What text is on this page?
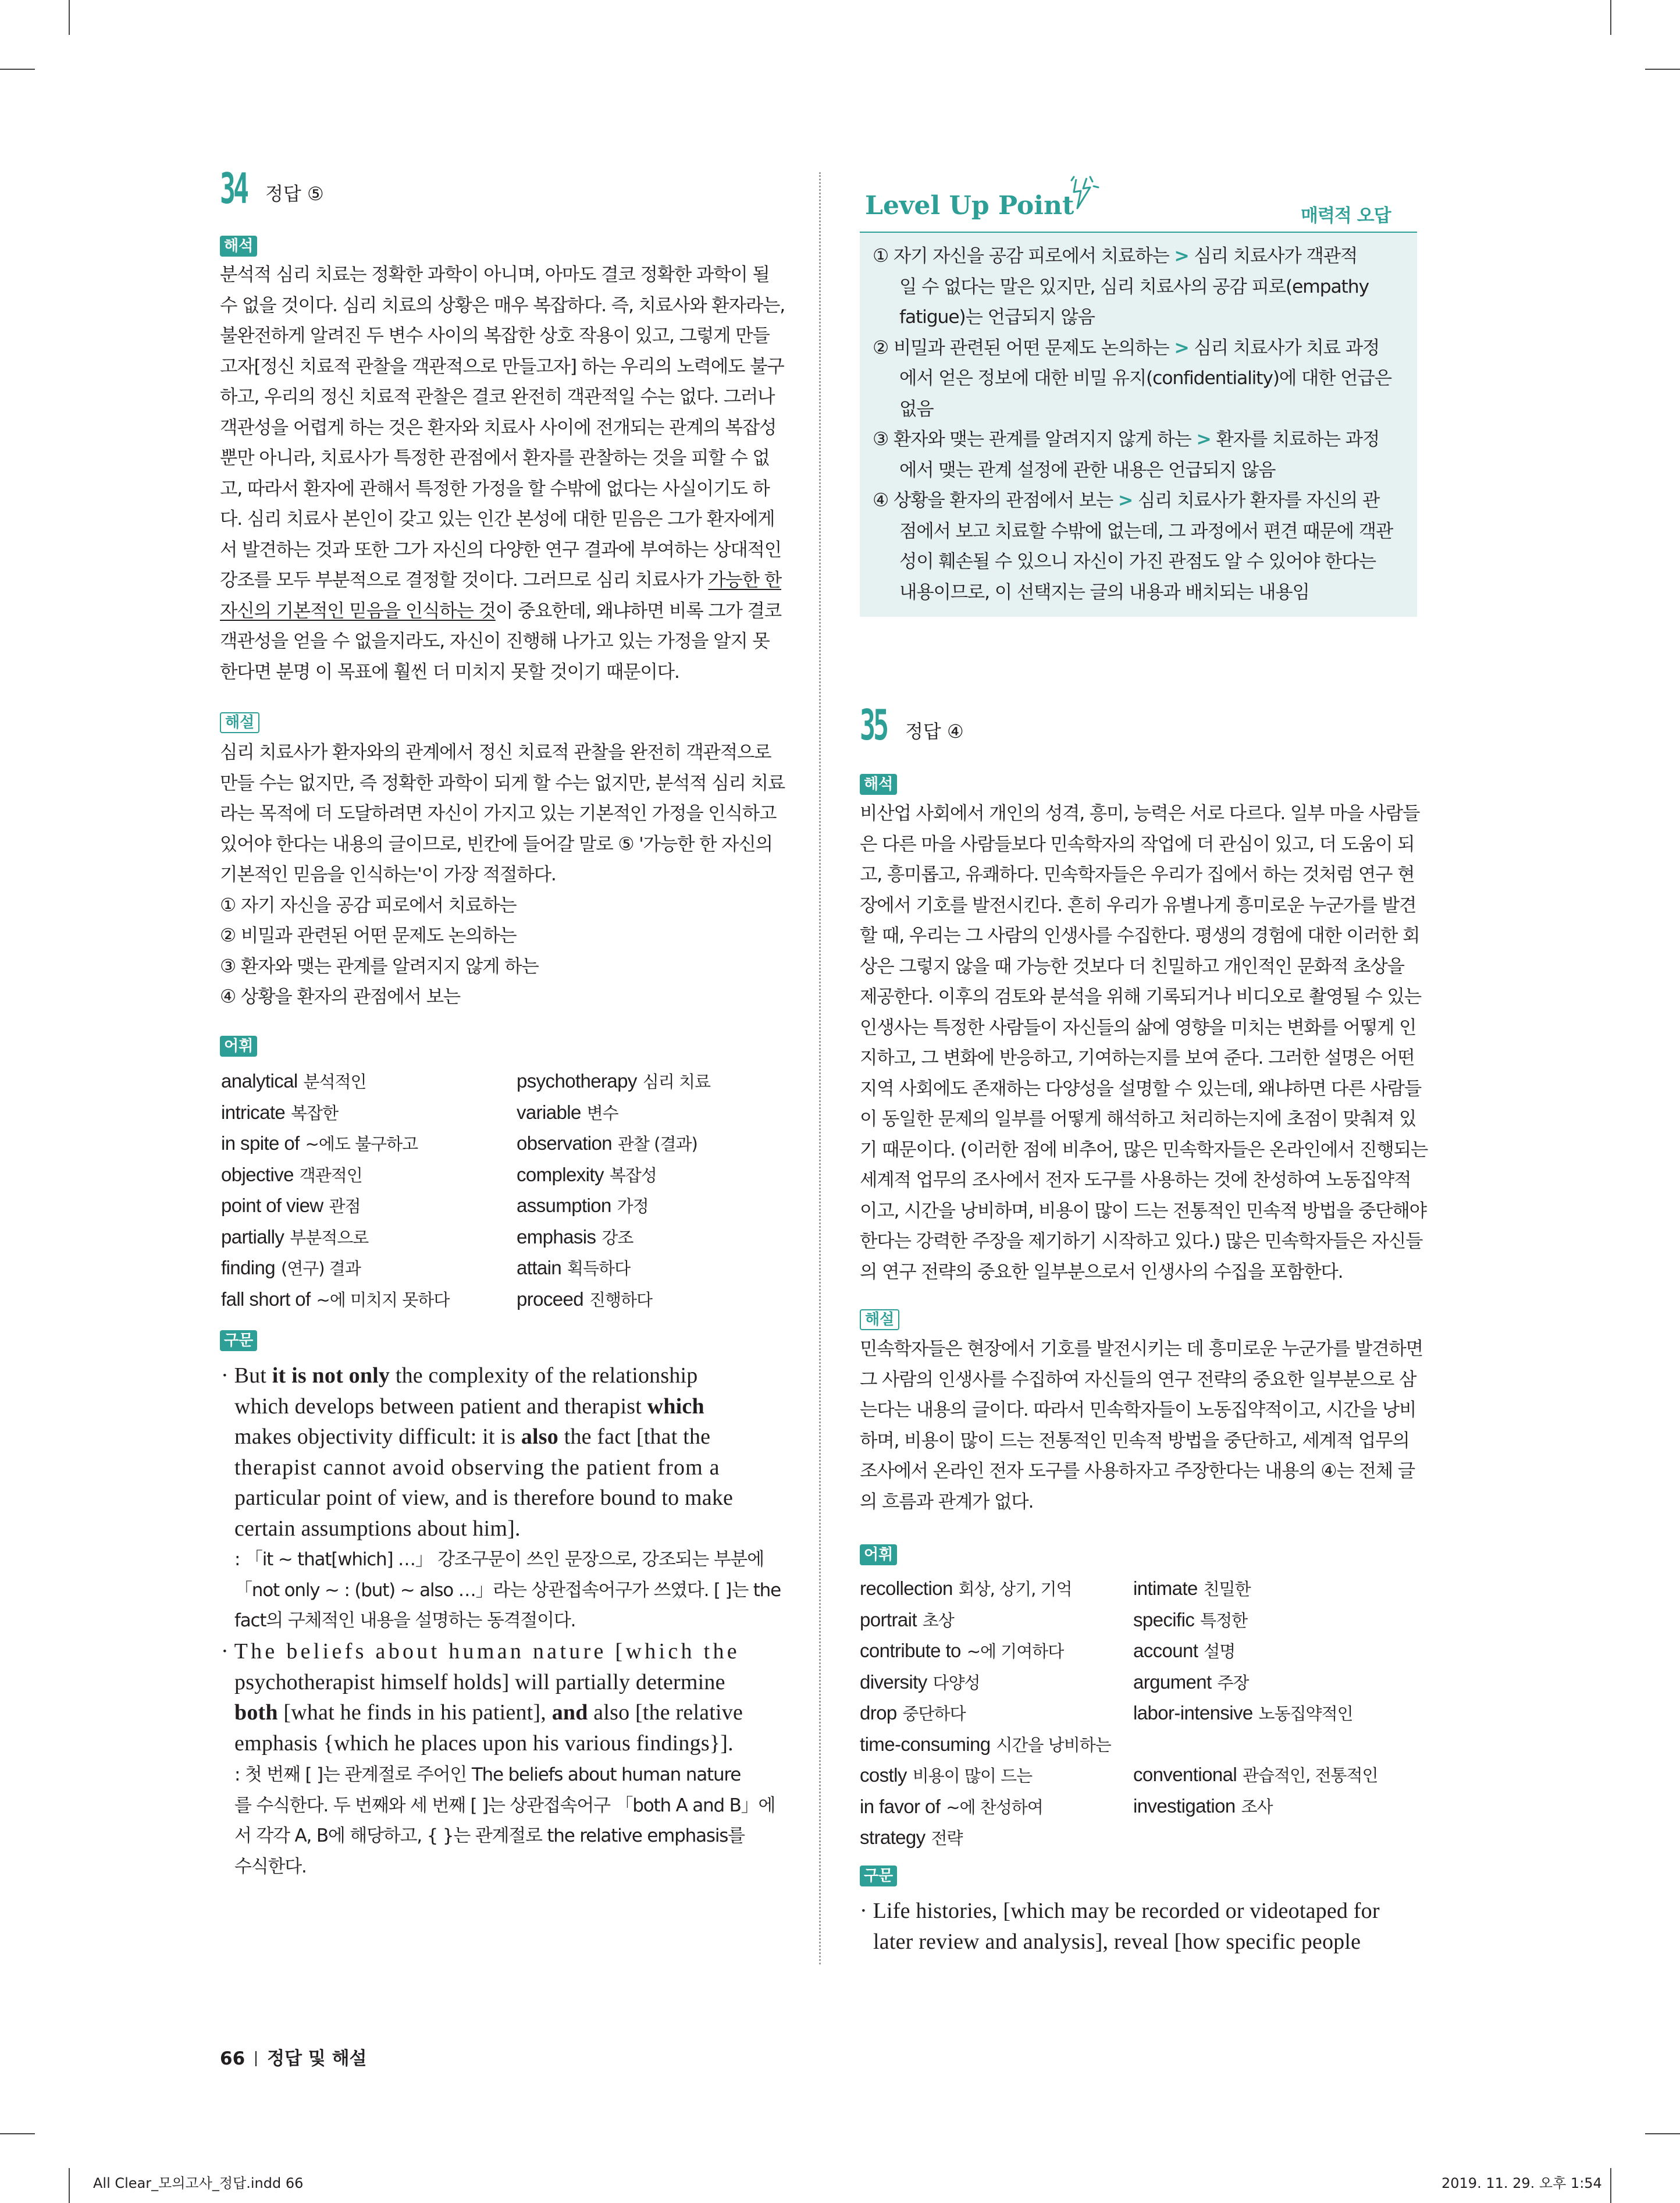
34 정답 ⑤
해석

분석적 심리 치료는 정확한 과학이 아니며, 아마도 결코 정확한 과학이 될

수 없을 것이다. 심리 치료의 상황은 매우 복잡하다. 즉, 치료사와 환자라는,

불완전하게 알려진 두 변수 사이의 복잡한 상호 작용이 있고, 그렇게 만들

고자[정신 치료적 관찰을 객관적으로 만들고자] 하는 우리의 노력에도 불구

하고, 우리의 정신 치료적 관찰은 결코 완전히 객관적일 수는 없다. 그러나

객관성을 어렵게 하는 것은 환자와 치료사 사이에 전개되는 관계의 복잡성

뿐만 아니라, 치료사가 특정한 관점에서 환자를 관찰하는 것을 피할 수 없

고, 따라서 환자에 관해서 특정한 가정을 할 수밖에 없다는 사실이기도 하

다. 심리 치료사 본인이 갖고 있는 인간 본성에 대한 믿음은 그가 환자에게

서 발견하는 것과 또한 그가 자신의 다양한 연구 결과에 부여하는 상대적인

강조를 모두 부분적으로 결정할 것이다. 그러므로 심리 치료사가 가능한 한

자신의 기본적인 믿음을 인식하는 것이 중요한데, 왜냐하면 비록 그가 결코

객관성을 얻을 수 없을지라도, 자신이 진행해 나가고 있는 가정을 알지 못

한다면 분명 이 목표에 훨씬 더 미치지 못할 것이기 때문이다.

해설

심리 치료사가 환자와의 관계에서 정신 치료적 관찰을 완전히 객관적으로

만들 수는 없지만, 즉 정확한 과학이 되게 할 수는 없지만, 분석적 심리 치료

라는 목적에 더 도달하려면 자신이 가지고 있는 기본적인 가정을 인식하고

있어야 한다는 내용의 글이므로, 빈칸에 들어갈 말로 ⑤ '가능한 한 자신의

기본적인 믿음을 인식하는'이 가장 적절하다.

① 자기 자신을 공감 피로에서 치료하는

② 비밀과 관련된 어떤 문제도 논의하는

③ 환자와 맺는 관계를 알려지지 않게 하는

④ 상황을 환자의 관점에서 보는

어휘
analytical 분석적인
intricate 복잡한
in spite of ~에도 불구하고
objective 객관적인
point of view 관점
partially 부분적으로
finding (연구) 결과
fall short of ~에 미치지 못하다
psychotherapy 심리 치료
variable 변수
observation 관찰 (결과)
complexity 복잡성
assumption 가정
emphasis 강조
attain 획득하다
proceed 진행하다
구문

· But it is not only the complexity of the relationship

which develops between patient and therapist which

makes objectivity difficult: it is also the fact [that the

therapist cannot avoid observing the patient from a

particular point of view, and is therefore bound to make

certain assumptions about him].

: 「it ~ that[which] …」 강조구문이 쓰인 문장으로, 강조되는 부분에

「not only ~ : (but) ~ also …」라는 상관접속어구가 쓰였다. [ ]는 the

fact의 구체적인 내용을 설명하는 동격절이다.

· The beliefs about human nature [which the

psychotherapist himself holds] will partially determine

both [what he finds in his patient], and also [the relative

emphasis {which he places upon his various findings}].

: 첫 번째 [ ]는 관계절로 주어인 The beliefs about human nature

를 수식한다. 두 번째와 세 번째 [ ]는 상관접속어구 「both A and B」에

서 각각 A, B에 해당하고, { }는 관계절로 the relative emphasis를

수식한다.

Level Up Point	매력적 오답

① 자기 자신을 공감 피로에서 치료하는 > 심리 치료사가 객관적

일 수 없다는 말은 있지만, 심리 치료사의 공감 피로(empathy

fatigue)는 언급되지 않음

② 비밀과 관련된 어떤 문제도 논의하는 > 심리 치료사가 치료 과정

에서 얻은 정보에 대한 비밀 유지(confidentiality)에 대한 언급은

없음

③ 환자와 맺는 관계를 알려지지 않게 하는 > 환자를 치료하는 과정

에서 맺는 관계 설정에 관한 내용은 언급되지 않음

④ 상황을 환자의 관점에서 보는 > 심리 치료사가 환자를 자신의 관

점에서 보고 치료할 수밖에 없는데, 그 과정에서 편견 때문에 객관

성이 훼손될 수 있으니 자신이 가진 관점도 알 수 있어야 한다는

내용이므로, 이 선택지는 글의 내용과 배치되는 내용임

35 정답 ④
해석

비산업 사회에서 개인의 성격, 흥미, 능력은 서로 다르다. 일부 마을 사람들

은 다른 마을 사람들보다 민속학자의 작업에 더 관심이 있고, 더 도움이 되

고, 흥미롭고, 유쾌하다. 민속학자들은 우리가 집에서 하는 것처럼 연구 현

장에서 기호를 발전시킨다. 흔히 우리가 유별나게 흥미로운 누군가를 발견

할 때, 우리는 그 사람의 인생사를 수집한다. 평생의 경험에 대한 이러한 회

상은 그렇지 않을 때 가능한 것보다 더 친밀하고 개인적인 문화적 초상을

제공한다. 이후의 검토와 분석을 위해 기록되거나 비디오로 촬영될 수 있는

인생사는 특정한 사람들이 자신들의 삶에 영향을 미치는 변화를 어떻게 인

지하고, 그 변화에 반응하고, 기여하는지를 보여 준다. 그러한 설명은 어떤

지역 사회에도 존재하는 다양성을 설명할 수 있는데, 왜냐하면 다른 사람들

이 동일한 문제의 일부를 어떻게 해석하고 처리하는지에 초점이 맞춰져 있

기 때문이다. (이러한 점에 비추어, 많은 민속학자들은 온라인에서 진행되는

세계적 업무의 조사에서 전자 도구를 사용하는 것에 찬성하여 노동집약적

이고, 시간을 낭비하며, 비용이 많이 드는 전통적인 민속적 방법을 중단해야

한다는 강력한 주장을 제기하기 시작하고 있다.) 많은 민속학자들은 자신들

의 연구 전략의 중요한 일부분으로서 인생사의 수집을 포함한다.

해설

민속학자들은 현장에서 기호를 발전시키는 데 흥미로운 누군가를 발견하면

그 사람의 인생사를 수집하여 자신들의 연구 전략의 중요한 일부분으로 삼

는다는 내용의 글이다. 따라서 민속학자들이 노동집약적이고, 시간을 낭비

하며, 비용이 많이 드는 전통적인 민속적 방법을 중단하고, 세계적 업무의

조사에서 온라인 전자 도구를 사용하자고 주장한다는 내용의 ④는 전체 글

의 흐름과 관계가 없다.

어휘
recollection 회상, 상기, 기억
portrait 초상
contribute to ~에 기여하다
diversity 다양성
drop 중단하다
time-consuming 시간을 낭비하는
costly 비용이 많이 드는
in favor of ~에 찬성하여
strategy 전략
intimate 친밀한
specific 특정한
account 설명
argument 주장
labor-intensive 노동집약적인

conventional 관습적인, 전통적인
investigation 조사
구문

· Life histories, [which may be recorded or videotaped for

later review and analysis], reveal [how specific people

66 정답 및 해설
All Clear_모의고사_정답.indd 66	2019. 11. 29. 오후 1:54
